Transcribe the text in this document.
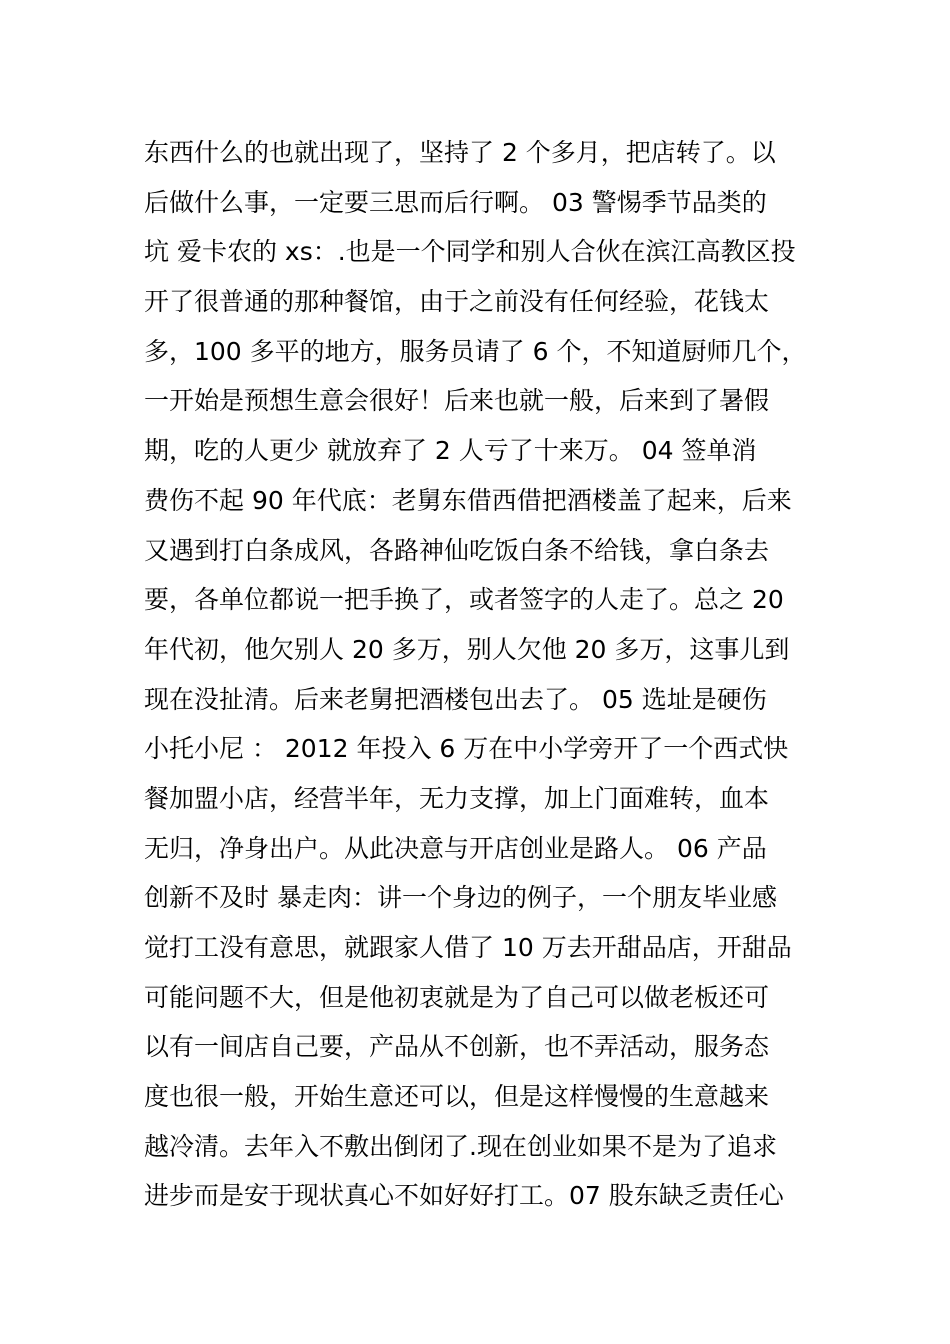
东西什么的也就出现了，坚持了 2 个多月，把店转了。以
后做什么事，一定要三思而后行啊。 03 警惕季节品类的
坑 爱卡农的 xs：.也是一个同学和别人合伙在滨江高教区投
开了很普通的那种餐馆，由于之前没有任何经验，花钱太
多，100 多平的地方，服务员请了 6 个，不知道厨师几个，
一开始是预想生意会很好！后来也就一般，后来到了暑假
期，吃的人更少 就放弃了 2 人亏了十来万。 04 签单消
费伤不起 90 年代底：老舅东借西借把酒楼盖了起来，后来
又遇到打白条成风，各路神仙吃饭白条不给钱，拿白条去
要，各单位都说一把手换了，或者签字的人走了。总之 20
年代初，他欠别人 20 多万，别人欠他 20 多万，这事儿到
现在没扯清。后来老舅把酒楼包出去了。 05 选址是硬伤
小托小尼 ： 2012 年投入 6 万在中小学旁开了一个西式快
餐加盟小店，经营半年，无力支撑，加上门面难转，血本
无归，净身出户。从此决意与开店创业是路人。 06 产品
创新不及时 暴走肉：讲一个身边的例子，一个朋友毕业感
觉打工没有意思，就跟家人借了 10 万去开甜品店，开甜品
可能问题不大，但是他初衷就是为了自己可以做老板还可
以有一间店自己要，产品从不创新，也不弄活动，服务态
度也很一般，开始生意还可以，但是这样慢慢的生意越来
越冷清。去年入不敷出倒闭了.现在创业如果不是为了追求
进步而是安于现状真心不如好好打工。07 股东缺乏责任心
